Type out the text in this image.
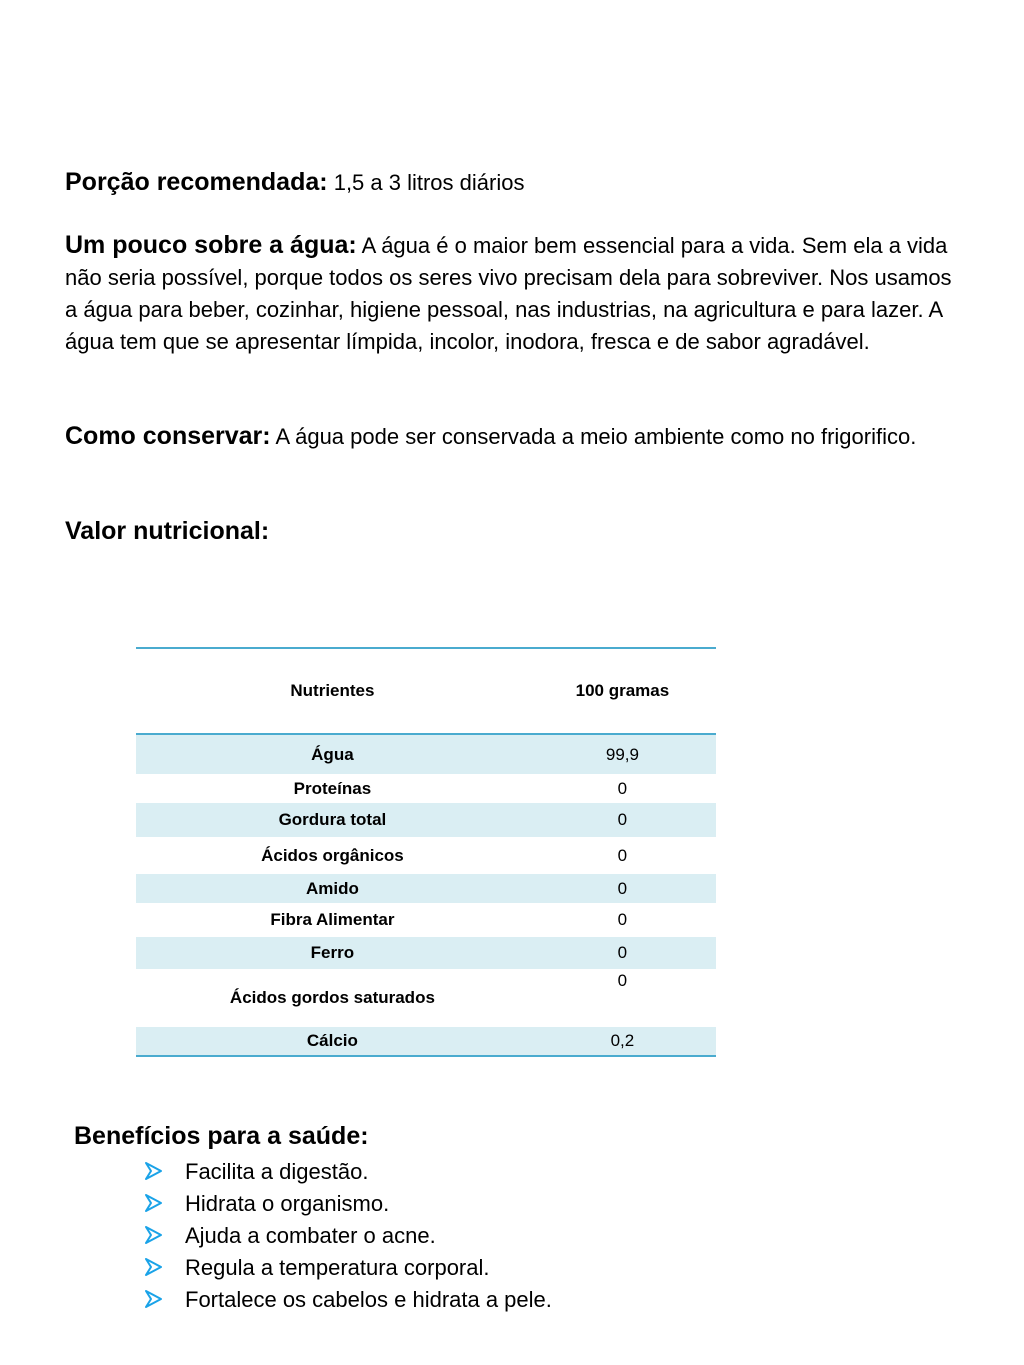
Porção recomendada: 1,5 a 3 litros diários

Um pouco sobre a água: A água é o maior bem essencial para a vida. Sem ela a vida não seria possível, porque todos os seres vivo precisam dela para sobreviver. Nos usamos a água para beber, cozinhar, higiene pessoal, nas industrias, na agricultura e para lazer. A água tem que se apresentar límpida, incolor, inodora, fresca e de sabor agradável.

Como conservar: A água pode ser conservada a meio ambiente como no frigorifico.

Valor nutricional:

Nutrientes	100 gramas
Água	99,9
Proteínas	0
Gordura total	0
Ácidos orgânicos	0
Amido	0
Fibra Alimentar	0
Ferro	0
Ácidos gordos saturados	0
Cálcio	0,2

Benefícios para a saúde:

Facilita a digestão.
Hidrata o organismo.
Ajuda a combater o acne.
Regula a temperatura corporal.
Fortalece os cabelos e hidrata a pele.
